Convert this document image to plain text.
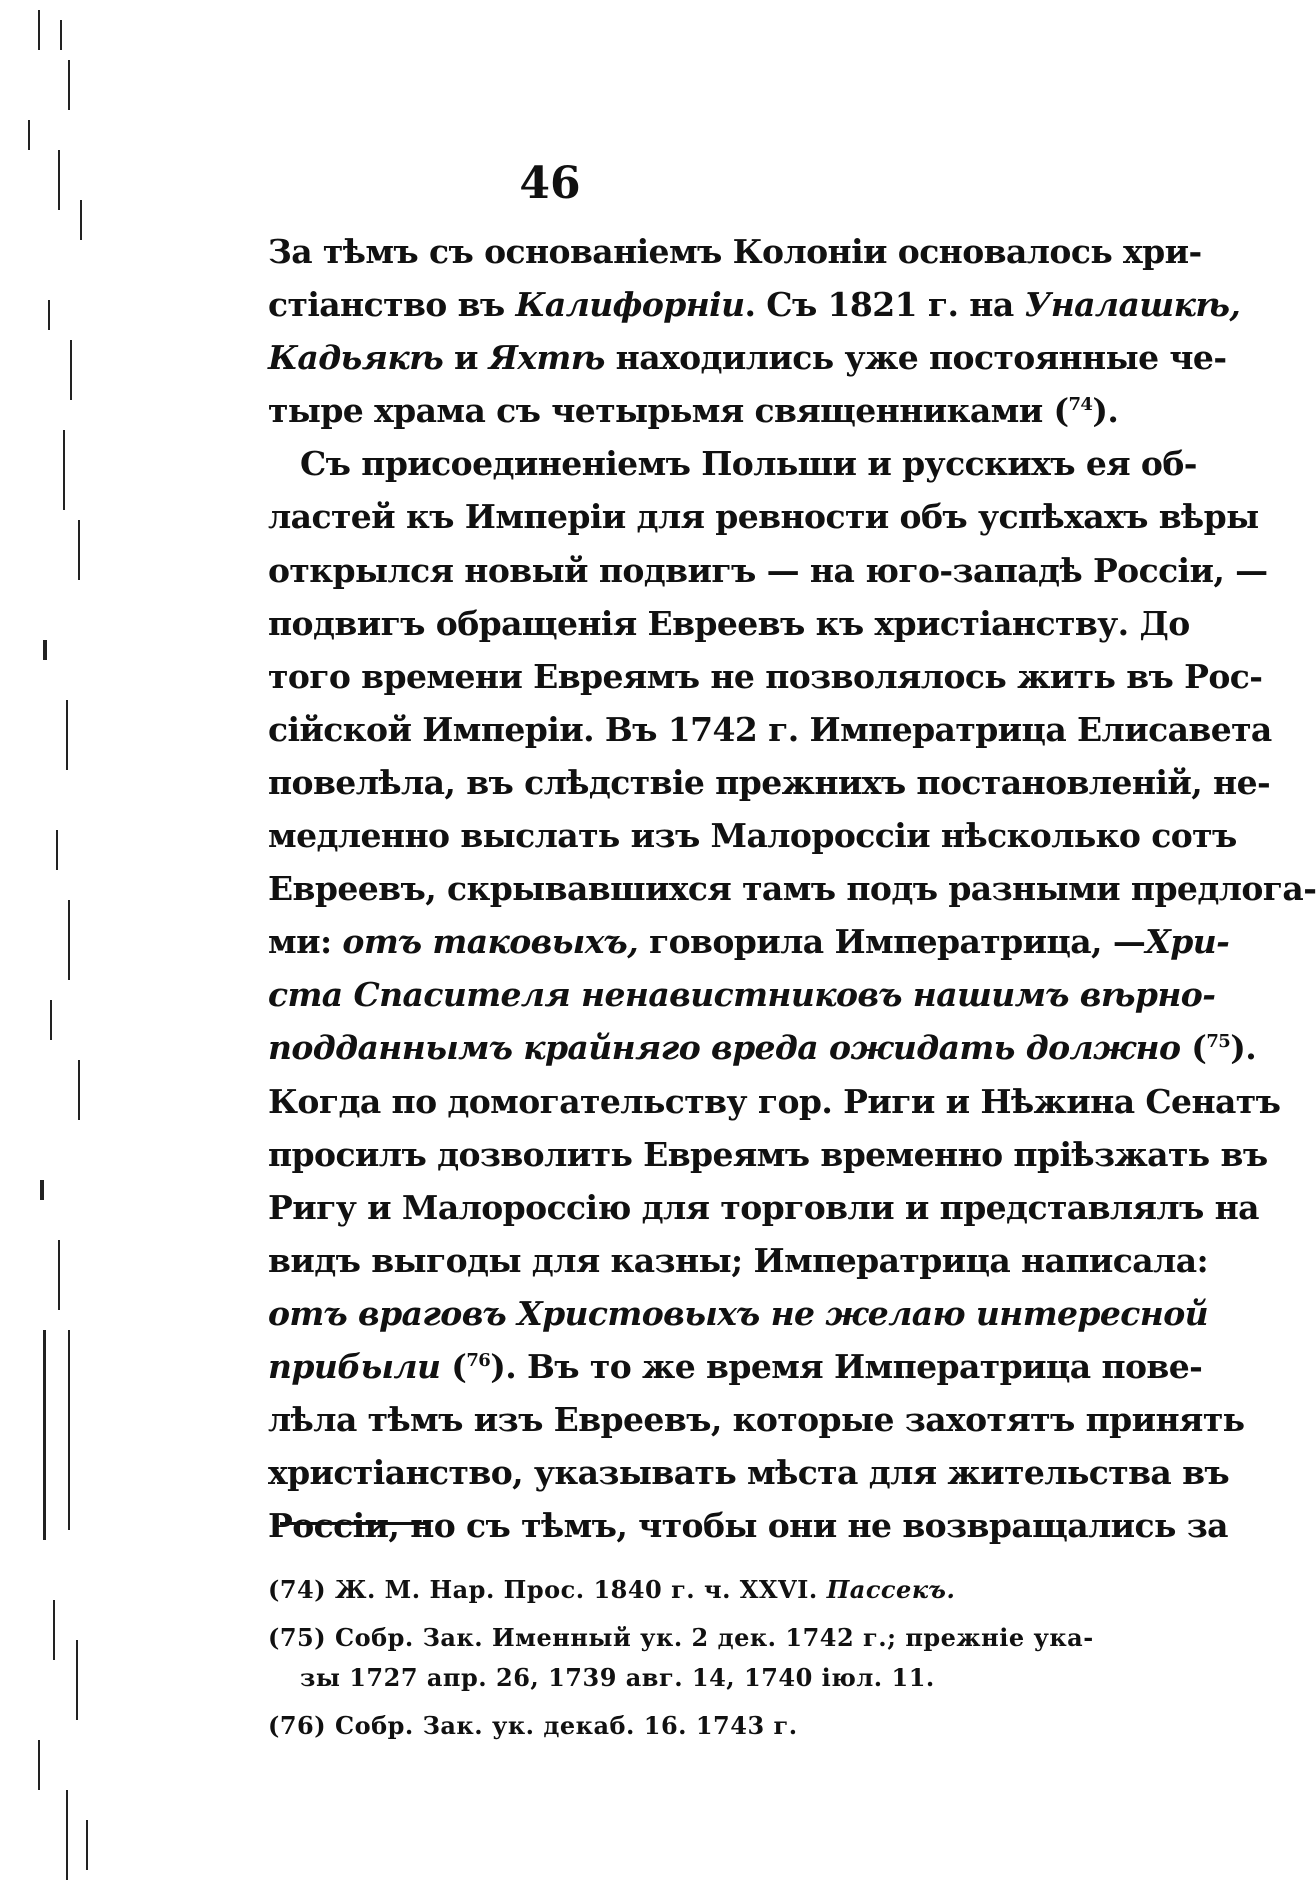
46
За тѣмъ съ основаніемъ Колоніи основалось хри-
стіанство въ Калифорніи. Съ 1821 г. на Уналашкѣ,
Кадьякѣ и Яхтѣ находились уже постоянные че-
тыре храма съ четырьмя священниками ($^{74}$).
Съ присоединеніемъ Польши и русскихъ ея об-
ластей къ Имперіи для ревности объ успѣхахъ вѣры
открылся новый подвигъ — на юго-западѣ Россіи, —
подвигъ обращенія Евреевъ къ христіанству. До
того времени Евреямъ не позволялось жить въ Рос-
сійской Имперіи. Въ 1742 г. Императрица Елисавета
повелѣла, въ слѣдствіе прежнихъ постановленій, не-
медленно выслать изъ Малороссіи нѣсколько сотъ
Евреевъ, скрывавшихся тамъ подъ разными предлога-
ми: отъ таковыхъ, говорила Императрица, —Хри-
ста Спасителя ненавистниковъ нашимъ вѣрно-
подданнымъ крайняго вреда ожидать должно ($^{75}$).
Когда по домогательству гор. Риги и Нѣжина Сенатъ
просилъ дозволить Евреямъ временно пріѣзжать въ
Ригу и Малороссію для торговли и представлялъ на
видъ выгоды для казны; Императрица написала:
отъ враговъ Христовыхъ не желаю интересной
прибыли ($^{76}$). Въ то же время Императрица пове-
лѣла тѣмъ изъ Евреевъ, которые захотятъ принять
христіанство, указывать мѣста для жительства въ
Россіи, но съ тѣмъ, чтобы они не возвращались за
(74) Ж. М. Нар. Прос. 1840 г. ч. XXVI. Пассекъ.
(75) Собр. Зак. Именный ук. 2 дек. 1742 г.; прежніе ука-
зы 1727 апр. 26, 1739 авг. 14, 1740 іюл. 11.
(76) Собр. Зак. ук. декаб. 16. 1743 г.
